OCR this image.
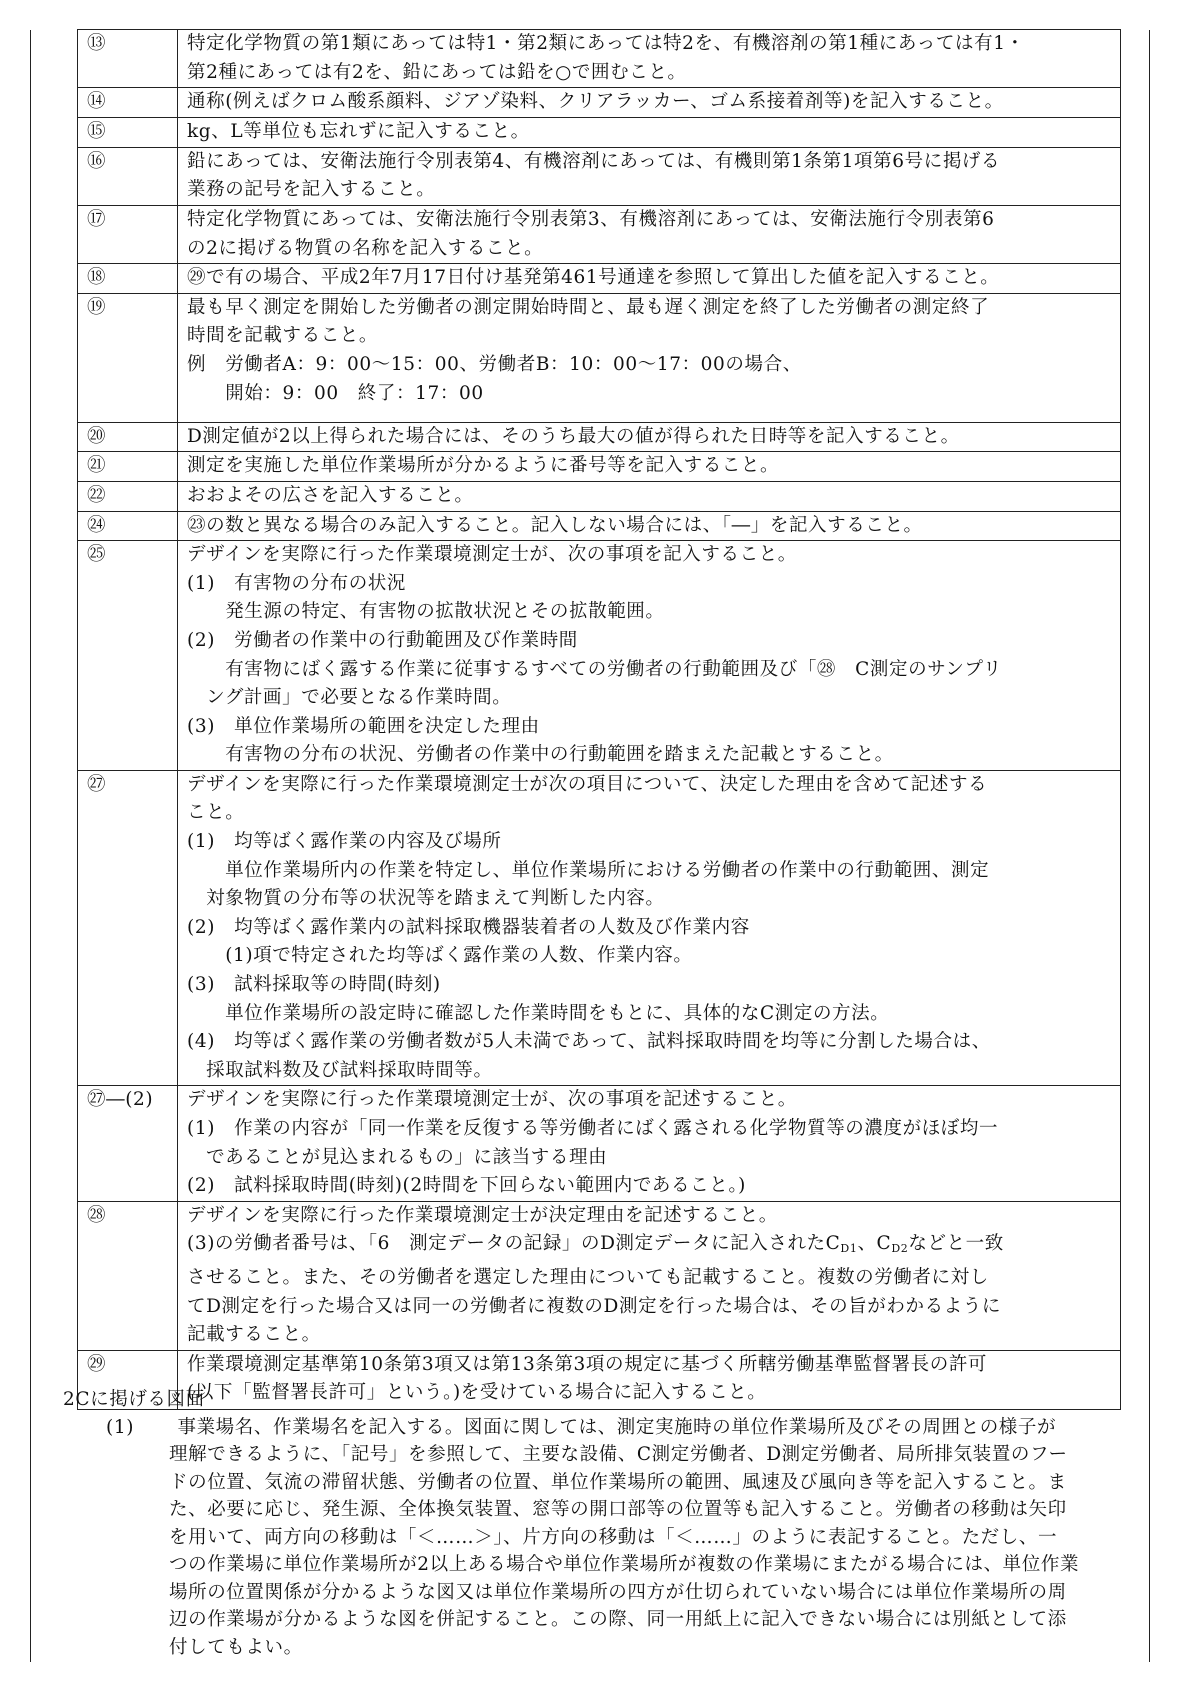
⑬	特定化学物質の第1類にあっては特1・第2類にあっては特2を、有機溶剤の第1種にあっては有1・
第2種にあっては有2を、鉛にあっては鉛を○で囲むこと。

⑭	通称(例えばクロム酸系顔料、ジアゾ染料、クリアラッカー、ゴム系接着剤等)を記入すること。

⑮	kg、L等単位も忘れずに記入すること。

⑯	鉛にあっては、安衛法施行令別表第4、有機溶剤にあっては、有機則第1条第1項第6号に掲げる
業務の記号を記入すること。

⑰	特定化学物質にあっては、安衛法施行令別表第3、有機溶剤にあっては、安衛法施行令別表第6
の2に掲げる物質の名称を記入すること。

⑱	㉙で有の場合、平成2年7月17日付け基発第461号通達を参照して算出した値を記入すること。

⑲	最も早く測定を開始した労働者の測定開始時間と、最も遅く測定を終了した労働者の測定終了
時間を記載すること。
例　労働者A：9：00～15：00、労働者B：10：00～17：00の場合、
　　開始：9：00　終了：17：00

⑳	D測定値が2以上得られた場合には、そのうち最大の値が得られた日時等を記入すること。

㉑	測定を実施した単位作業場所が分かるように番号等を記入すること。

㉒	おおよその広さを記入すること。

㉔	㉓の数と異なる場合のみ記入すること。記入しない場合には、「―」を記入すること。

㉕	デザインを実際に行った作業環境測定士が、次の事項を記入すること。
(1)　有害物の分布の状況
　　発生源の特定、有害物の拡散状況とその拡散範囲。
(2)　労働者の作業中の行動範囲及び作業時間
　　有害物にばく露する作業に従事するすべての労働者の行動範囲及び「㉘　C測定のサンプリ
　ング計画」で必要となる作業時間。
(3)　単位作業場所の範囲を決定した理由
　　有害物の分布の状況、労働者の作業中の行動範囲を踏まえた記載とすること。

㉗	デザインを実際に行った作業環境測定士が次の項目について、決定した理由を含めて記述する
こと。
(1)　均等ばく露作業の内容及び場所
　　単位作業場所内の作業を特定し、単位作業場所における労働者の作業中の行動範囲、測定
　対象物質の分布等の状況等を踏まえて判断した内容。
(2)　均等ばく露作業内の試料採取機器装着者の人数及び作業内容
　　(1)項で特定された均等ばく露作業の人数、作業内容。
(3)　試料採取等の時間(時刻)
　　単位作業場所の設定時に確認した作業時間をもとに、具体的なC測定の方法。
(4)　均等ばく露作業の労働者数が5人未満であって、試料採取時間を均等に分割した場合は、
　採取試料数及び試料採取時間等。

㉗―(2)	デザインを実際に行った作業環境測定士が、次の事項を記述すること。
(1)　作業の内容が「同一作業を反復する等労働者にばく露される化学物質等の濃度がほぼ均一
　であることが見込まれるもの」に該当する理由
(2)　試料採取時間(時刻)(2時間を下回らない範囲内であること。)

㉘	デザインを実際に行った作業環境測定士が決定理由を記述すること。
(3)の労働者番号は、「6　測定データの記録」のD測定データに記入された$C_{D1}$、$C_{D2}$などと一致
させること。また、その労働者を選定した理由についても記載すること。複数の労働者に対し
てD測定を行った場合又は同一の労働者に複数のD測定を行った場合は、その旨がわかるように
記載すること。

㉙	作業環境測定基準第10条第3項又は第13条第3項の規定に基づく所轄労働基準監督署長の許可
(以下「監督署長許可」という。)を受けている場合に記入すること。
2Cに掲げる図面
(1) 事業場名、作業場名を記入する。図面に関しては、測定実施時の単位作業場所及びその周囲との様子が
理解できるように、「記号」を参照して、主要な設備、C測定労働者、D測定労働者、局所排気装置のフー
ドの位置、気流の滞留状態、労働者の位置、単位作業場所の範囲、風速及び風向き等を記入すること。ま
た、必要に応じ、発生源、全体換気装置、窓等の開口部等の位置等も記入すること。労働者の移動は矢印
を用いて、両方向の移動は「＜……＞」、片方向の移動は「＜……」のように表記すること。ただし、一
つの作業場に単位作業場所が2以上ある場合や単位作業場所が複数の作業場にまたがる場合には、単位作業
場所の位置関係が分かるような図又は単位作業場所の四方が仕切られていない場合には単位作業場所の周
辺の作業場が分かるような図を併記すること。この際、同一用紙上に記入できない場合には別紙として添
付してもよい。
